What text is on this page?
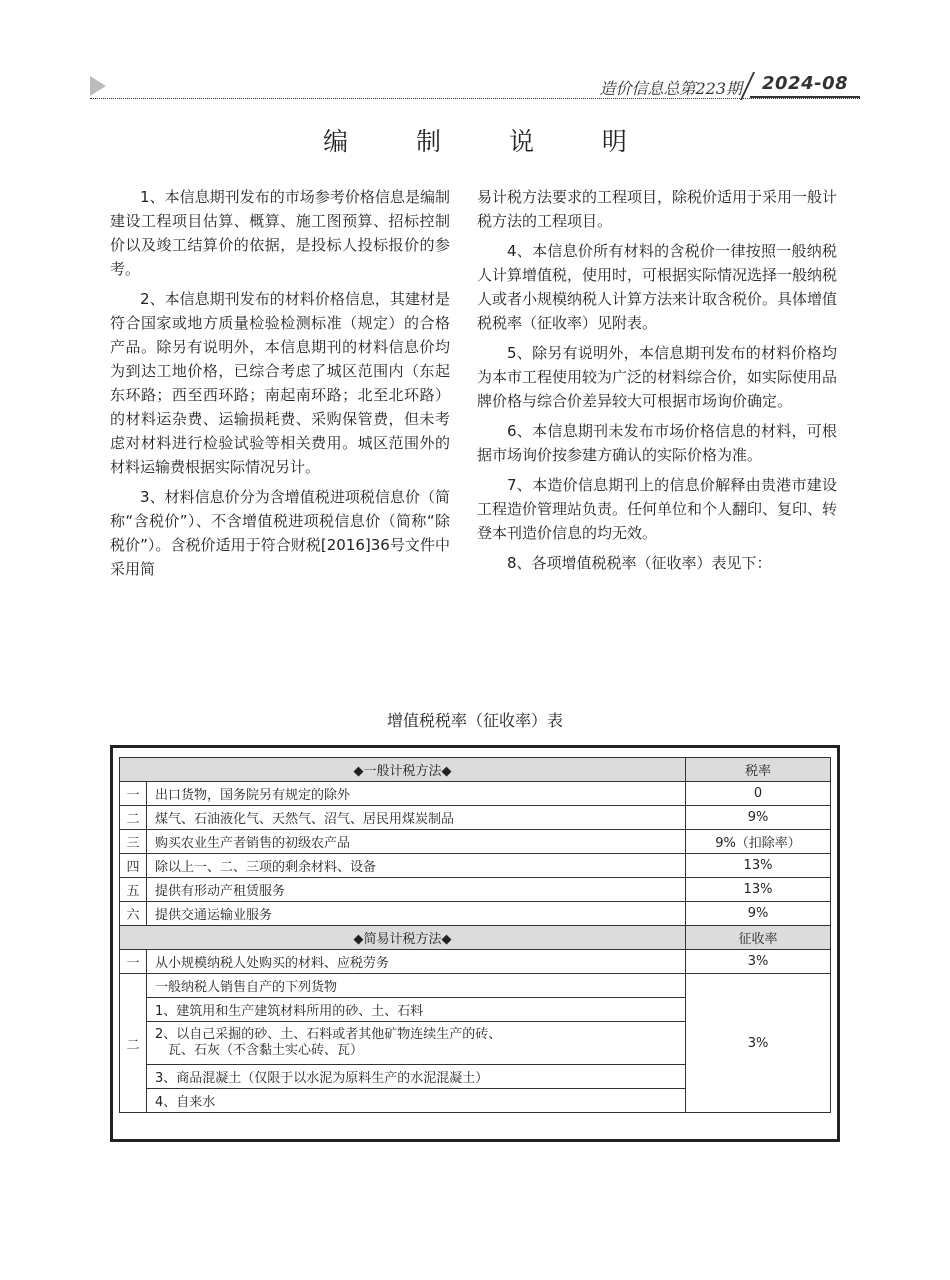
造价信息总第223期 2024-08
编 制 说 明

1、本信息期刊发布的市场参考价格信息是编制建设工程项目估算、概算、施工图预算、招标控制价以及竣工结算价的依据，是投标人投标报价的参考。

2、本信息期刊发布的材料价格信息，其建材是符合国家或地方质量检验检测标准（规定）的合格产品。除另有说明外，本信息期刊的材料信息价均为到达工地价格，已综合考虑了城区范围内（东起东环路；西至西环路；南起南环路；北至北环路）的材料运杂费、运输损耗费、采购保管费，但未考虑对材料进行检验试验等相关费用。城区范围外的材料运输费根据实际情况另计。

3、材料信息价分为含增值税进项税信息价（简称“含税价”）、不含增值税进项税信息价（简称“除税价”）。含税价适用于符合财税[2016]36号文件中采用简

易计税方法要求的工程项目，除税价适用于采用一般计税方法的工程项目。

4、本信息价所有材料的含税价一律按照一般纳税人计算增值税，使用时，可根据实际情况选择一般纳税人或者小规模纳税人计算方法来计取含税价。具体增值税税率（征收率）见附表。

5、除另有说明外，本信息期刊发布的材料价格均为本市工程使用较为广泛的材料综合价，如实际使用品牌价格与综合价差异较大可根据市场询价确定。

6、本信息期刊未发布市场价格信息的材料，可根据市场询价按参建方确认的实际价格为准。

7、本造价信息期刊上的信息价解释由贵港市建设工程造价管理站负责。任何单位和个人翻印、复印、转登本刊造价信息的均无效。

8、各项增值税税率（征收率）表见下：

增值税税率（征收率）表
◆一般计税方法◆		税率
一	出口货物，国务院另有规定的除外	0
二	煤气、石油液化气、天然气、沼气、居民用煤炭制品	9%
三	购买农业生产者销售的初级农产品	9%（扣除率）
四	除以上一、二、三项的剩余材料、设备	13%
五	提供有形动产租赁服务	13%
六	提供交通运输业服务	9%
◆简易计税方法◆		征收率
一	从小规模纳税人处购买的材料、应税劳务	3%
二	一般纳税人销售自产的下列货物	3%
	1、建筑用和生产建筑材料所用的砂、土、石料	

	2、以自己采掘的砂、土、石料或者其他矿物连续生产的砖、
瓦、石灰（不含黏土实心砖、瓦）	

	3、商品混凝土（仅限于以水泥为原料生产的水泥混凝土）	
	4、自来水	
